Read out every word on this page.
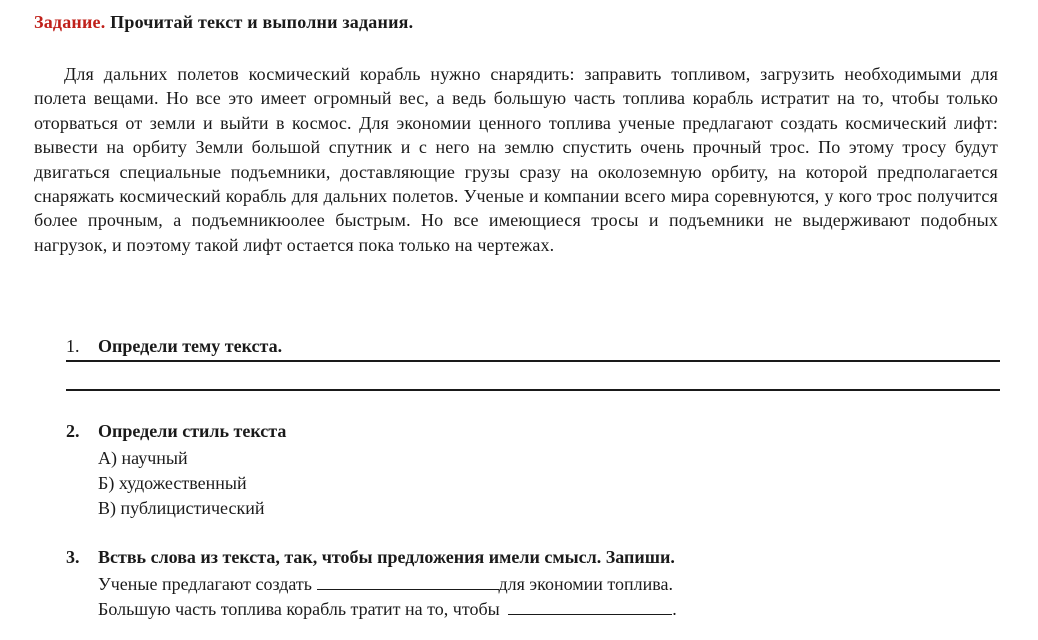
Задание. Прочитай текст и выполни задания.
Для дальних полетов космический корабль нужно снарядить: заправить топливом, загрузить необходимыми для полета вещами. Но все это имеет огромный вес, а ведь большую часть топлива корабль истратит на то, чтобы только оторваться от земли и выйти в космос. Для экономии ценного топлива ученые предлагают создать космический лифт: вывести на орбиту Земли большой спутник и с него на землю спустить очень прочный трос. По этому тросу будут двигаться специальные подъемники, доставляющие грузы сразу на околоземную орбиту, на которой предполагается снаряжать космический корабль для дальних полетов. Ученые и компании всего мира соревнуются, у кого трос получится более прочным, а подъемникюолее быстрым. Но все имеющиеся тросы и подъемники не выдерживают подобных нагрузок, и поэтому такой лифт остается пока только на чертежах.
1. Определи тему текста.
2. Определи стиль текста
А) научный
Б) художественный
В) публицистический
3. Вствь слова из текста, так, чтобы предложения имели смысл. Запиши.
Ученые предлагают создать	для экономии топлива.
Большую часть топлива корабль тратит на то, чтобы	.
